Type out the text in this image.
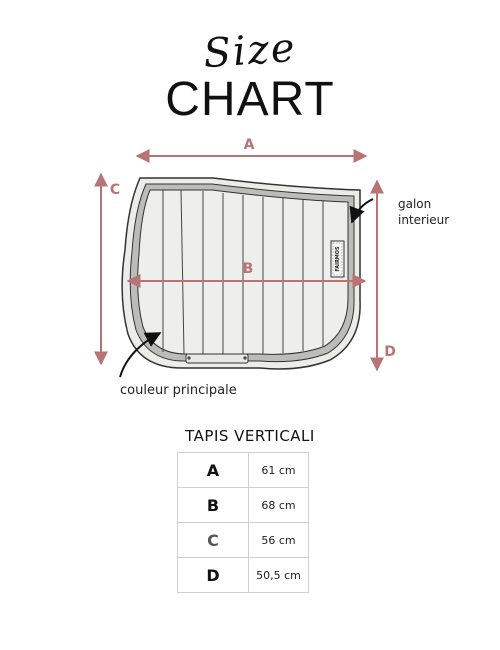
Size
CHART
FAIRMOS
A
B
C
D
galon
interieur
couleur principale
TAPIS VERTICALI
A	61 cm
B	68 cm
C	56 cm
D	50,5 cm
